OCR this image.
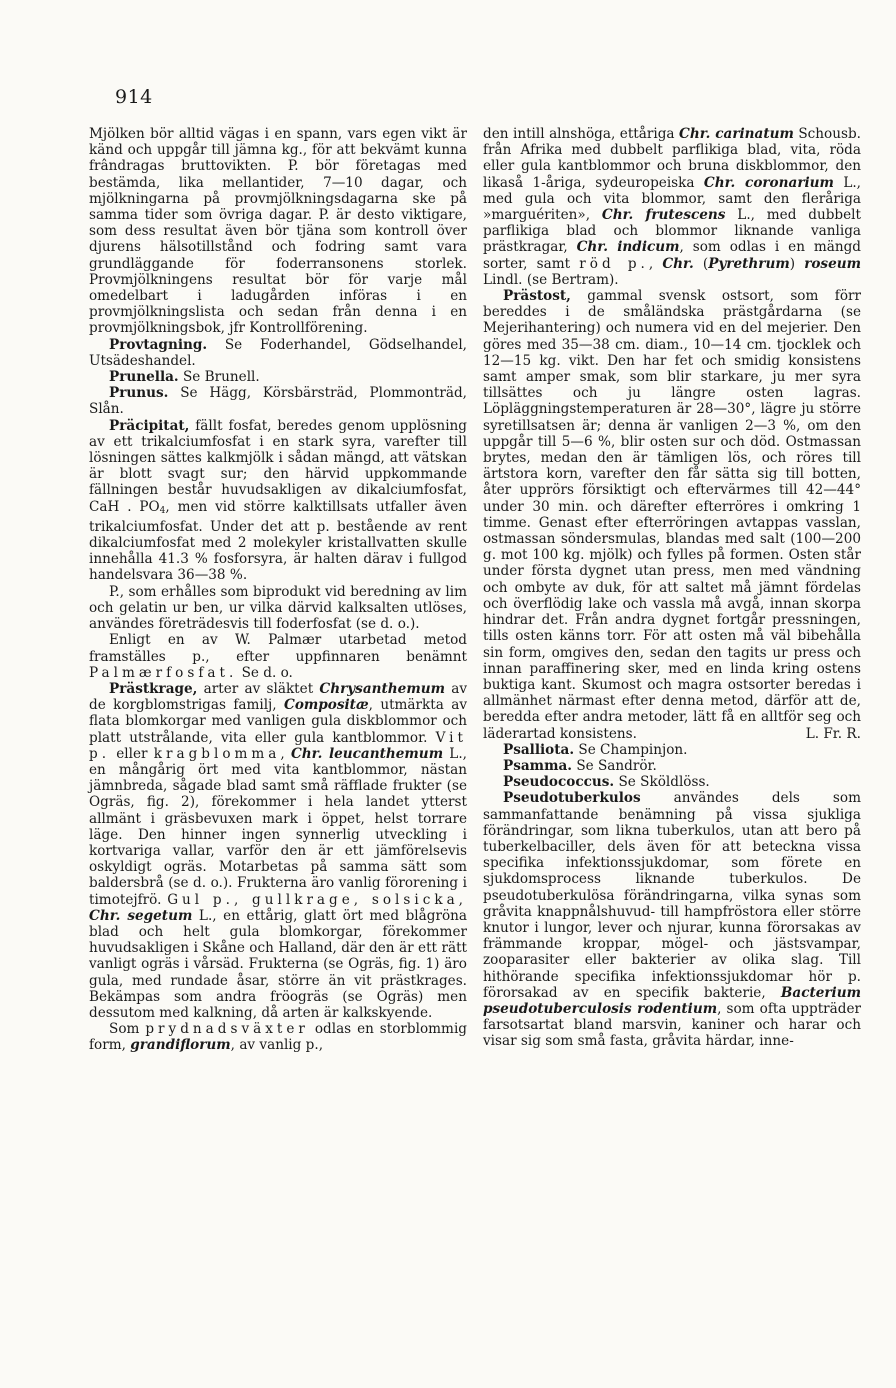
914

Mjölken bör alltid vägas i en spann, vars egen vikt är känd och uppgår till jämna kg., för att bekvämt kunna frândragas bruttovikten. P. bör företagas med bestämda, lika mellantider, 7—10 dagar, och mjölkningarna på provmjölkningsdagarna ske på samma tider som övriga dagar. P. är desto viktigare, som dess resultat även bör tjäna som kontroll över djurens hälsotillstånd och fodring samt vara grundläggande för foderransonens storlek. Provmjölkningens resultat bör för varje mål omedelbart i ladugården införas i en provmjölkningslista och sedan från denna i en provmjölkningsbok, jfr Kontrollförening.

Provtagning. Se Foderhandel, Gödselhandel, Utsädeshandel.

Prunella. Se Brunell.

Prunus. Se Hägg, Körsbärsträd, Plommonträd, Slån.

Präcipitat, fällt fosfat, beredes genom upplösning av ett trikalciumfosfat i en stark syra, varefter till lösningen sättes kalkmjölk i sådan mängd, att vätskan är blott svagt sur; den härvid uppkommande fällningen består huvudsakligen av dikalciumfosfat, CaH . $PO_4$, men vid större kalktillsats utfaller även trikalciumfosfat. Under det att p. bestående av rent dikalciumfosfat med 2 molekyler kristallvatten skulle innehålla 41.3 % fosforsyra, är halten därav i fullgod handelsvara 36—38 %.

P., som erhålles som biprodukt vid beredning av lim och gelatin ur ben, ur vilka därvid kalksalten utlöses, användes företrädesvis till foderfosfat (se d. o.).

Enligt en av W. Palmær utarbetad metod framställes p., efter uppfinnaren benämnt Palmærfosfat. Se d. o.

Prästkrage, arter av släktet Chrysanthemum av de korgblomstrigas familj, Compositæ, utmärkta av flata blomkorgar med vanligen gula diskblommor och platt utstrålande, vita eller gula kantblommor. Vit p. eller kragblomma, Chr. leucanthemum L., en mångårig ört med vita kantblommor, nästan jämnbreda, sågade blad samt små räfflade frukter (se Ogräs, fig. 2), förekommer i hela landet ytterst allmänt i gräsbevuxen mark i öppet, helst torrare läge. Den hinner ingen synnerlig utveckling i kortvariga vallar, varför den är ett jämförelsevis oskyldigt ogräs. Motarbetas på samma sätt som baldersbrå (se d. o.). Frukterna äro vanlig förorening i timotejfrö. Gul p., gullkrage, solsicka, Chr. segetum L., en ettårig, glatt ört med blågröna blad och helt gula blomkorgar, förekommer huvudsakligen i Skåne och Halland, där den är ett rätt vanligt ogräs i vårsäd. Frukterna (se Ogräs, fig. 1) äro gula, med rundade åsar, större än vit prästkrages. Bekämpas som andra fröogräs (se Ogräs) men dessutom med kalkning, då arten är kalkskyende.

Som prydnadsväxter odlas en storblommig form, grandiflorum, av vanlig p.,

den intill alnshöga, ettåriga Chr. carinatum Schousb. från Afrika med dubbelt parflikiga blad, vita, röda eller gula kantblommor och bruna diskblommor, den likaså 1-åriga, sydeuropeiska Chr. coronarium L., med gula och vita blommor, samt den fleråriga »marguériten», Chr. frutescens L., med dubbelt parflikiga blad och blommor liknande vanliga prästkragar, Chr. indicum, som odlas i en mängd sorter, samt röd p., Chr. (Pyrethrum) roseum Lindl. (se Bertram).

Prästost, gammal svensk ostsort, som förr bereddes i de småländska prästgårdarna (se Mejerihantering) och numera vid en del mejerier. Den göres med 35—38 cm. diam., 10—14 cm. tjocklek och 12—15 kg. vikt. Den har fet och smidig konsistens samt amper smak, som blir starkare, ju mer syra tillsättes och ju längre osten lagras. Löpläggningstemperaturen är 28—30°, lägre ju större syretillsatsen är; denna är vanligen 2—3 %, om den uppgår till 5—6 %, blir osten sur och död. Ostmassan brytes, medan den är tämligen lös, och röres till ärtstora korn, varefter den får sätta sig till botten, åter upprörs försiktigt och eftervärmes till 42—44° under 30 min. och därefter efterröres i omkring 1 timme. Genast efter efterröringen avtappas vasslan, ostmassan söndersmulas, blandas med salt (100—200 g. mot 100 kg. mjölk) och fylles på formen. Osten står under första dygnet utan press, men med vändning och ombyte av duk, för att saltet må jämnt fördelas och överflödig lake och vassla må avgå, innan skorpa hindrar det. Från andra dygnet fortgår pressningen, tills osten känns torr. För att osten må väl bibehålla sin form, omgives den, sedan den tagits ur press och innan paraffinering sker, med en linda kring ostens buktiga kant. Skumost och magra ostsorter beredas i allmänhet närmast efter denna metod, därför att de, beredda efter andra metoder, lätt få en alltför seg och läderartad konsistens.	L. Fr. R.

Psalliota. Se Champinjon.

Psamma. Se Sandrör.

Pseudococcus. Se Sköldlöss.

Pseudotuberkulos användes dels som sammanfattande benämning på vissa sjukliga förändringar, som likna tuberkulos, utan att bero på tuberkelbaciller, dels även för att beteckna vissa specifika infektionssjukdomar, som förete en sjukdomsprocess liknande tuberkulos. De pseudotuberkulösa förändringarna, vilka synas som gråvita knappnålshuvud- till hampfröstora eller större knutor i lungor, lever och njurar, kunna förorsakas av främmande kroppar, mögel- och jästsvampar, zooparasiter eller bakterier av olika slag. Till hithörande specifika infektionssjukdomar hör p. förorsakad av en specifik bakterie, Bacterium pseudotuberculosis rodentium, som ofta uppträder farsotsartat bland marsvin, kaniner och harar och visar sig som små fasta, gråvita härdar, inne-
